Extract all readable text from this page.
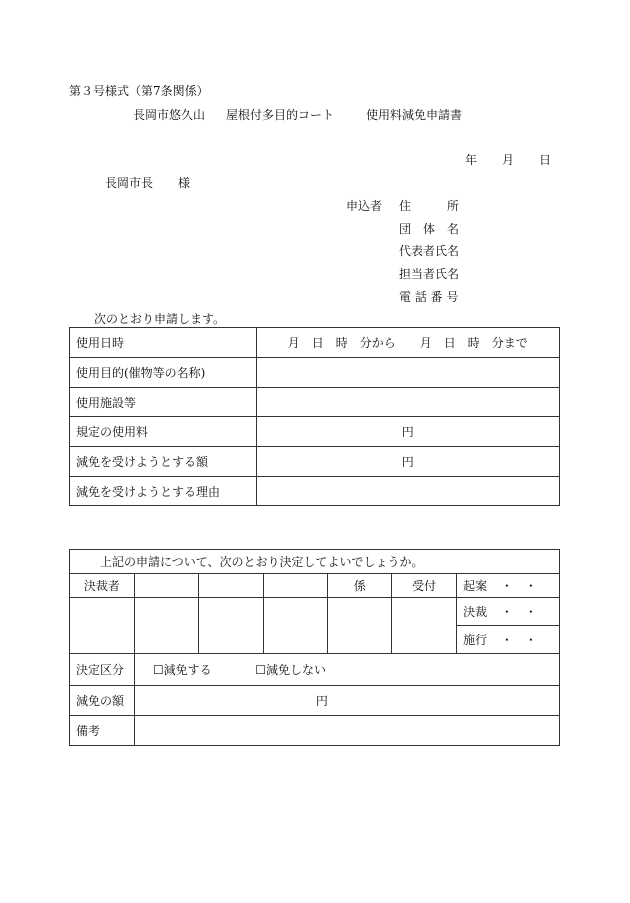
第３号様式（第7条関係）
長岡市悠久山 屋根付多目的コート	使用料減免申請書
年 月 日
長岡市長 様
申込者 住　　　所
団　体　名
代表者氏名
担当者氏名
電 話 番 号
次のとおり申請します。
使用日時	月　日　時　分から　　月　日　時　分まで
使用目的(催物等の名称)	
使用施設等	
規定の使用料	円
減免を受けようとする額	円
減免を受けようとする理由	
上記の申請について、次のとおり決定してよいでしょうか。						
決裁者				係	受付	起案 ・　・
						決裁 ・　・
						施行 ・　・
決定区分	☐減免する ☐減免しない					
減免の額	円					
備考						
